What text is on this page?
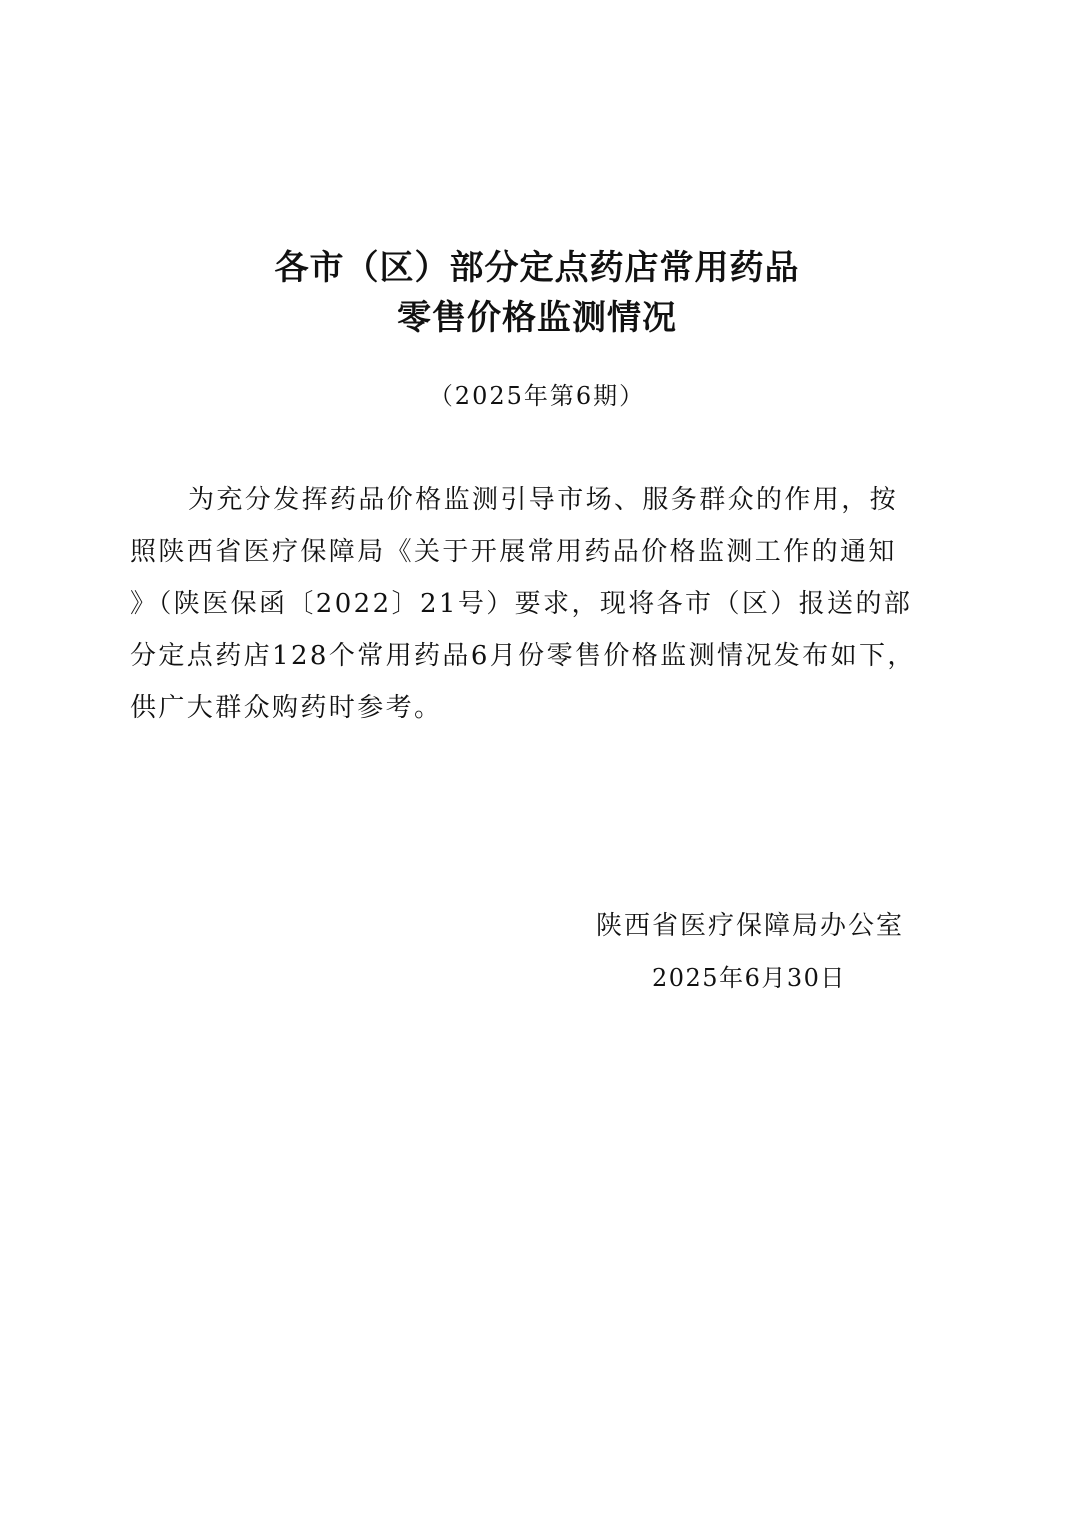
各市（区）部分定点药店常用药品
零售价格监测情况
（2025年第6期）
为充分发挥药品价格监测引导市场、服务群众的作用，按
照陕西省医疗保障局《关于开展常用药品价格监测工作的通知
》（陕医保函〔2022〕21号）要求，现将各市（区）报送的部
分定点药店128个常用药品6月份零售价格监测情况发布如下，
供广大群众购药时参考。
陕西省医疗保障局办公室
2025年6月30日
